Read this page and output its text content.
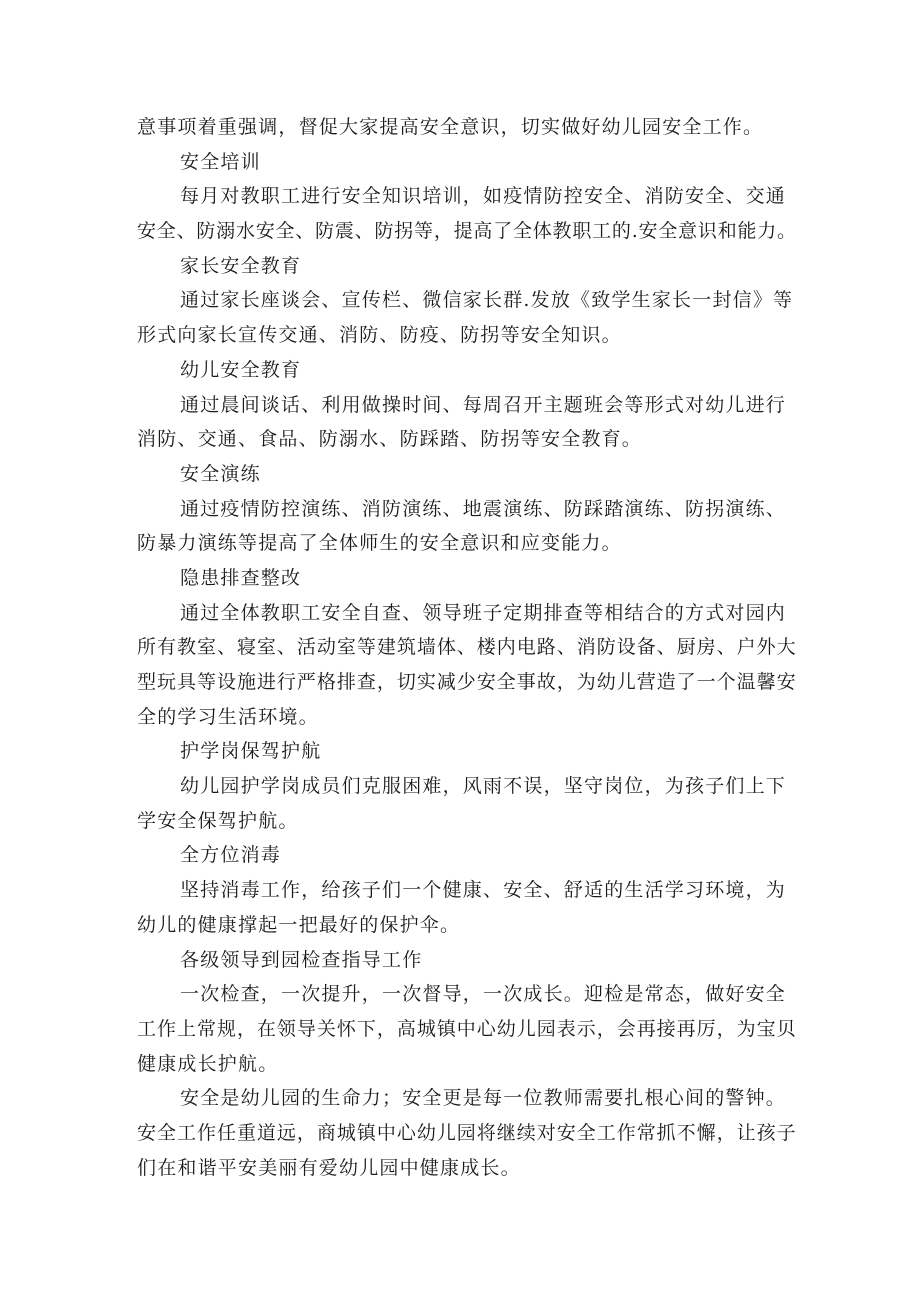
意事项着重强调，督促大家提高安全意识，切实做好幼儿园安全工作。
安全培训
每月对教职工进行安全知识培训，如疫情防控安全、消防安全、交通
安全、防溺水安全、防震、防拐等，提高了全体教职工的.安全意识和能力。
家长安全教育
通过家长座谈会、宣传栏、微信家长群.发放《致学生家长一封信》等
形式向家长宣传交通、消防、防疫、防拐等安全知识。
幼儿安全教育
通过晨间谈话、利用做操时间、每周召开主题班会等形式对幼儿进行
消防、交通、食品、防溺水、防踩踏、防拐等安全教育。
安全演练
通过疫情防控演练、消防演练、地震演练、防踩踏演练、防拐演练、
防暴力演练等提高了全体师生的安全意识和应变能力。
隐患排查整改
通过全体教职工安全自查、领导班子定期排查等相结合的方式对园内
所有教室、寝室、活动室等建筑墙体、楼内电路、消防设备、厨房、户外大
型玩具等设施进行严格排查，切实减少安全事故，为幼儿营造了一个温馨安
全的学习生活环境。
护学岗保驾护航
幼儿园护学岗成员们克服困难，风雨不误，坚守岗位，为孩子们上下
学安全保驾护航。
全方位消毒
坚持消毒工作，给孩子们一个健康、安全、舒适的生活学习环境，为
幼儿的健康撑起一把最好的保护伞。
各级领导到园检查指导工作
一次检查，一次提升，一次督导，一次成长。迎检是常态，做好安全
工作上常规，在领导关怀下，高城镇中心幼儿园表示，会再接再厉，为宝贝
健康成长护航。
安全是幼儿园的生命力；安全更是每一位教师需要扎根心间的警钟。
安全工作任重道远，商城镇中心幼儿园将继续对安全工作常抓不懈，让孩子
们在和谐平安美丽有爱幼儿园中健康成长。
